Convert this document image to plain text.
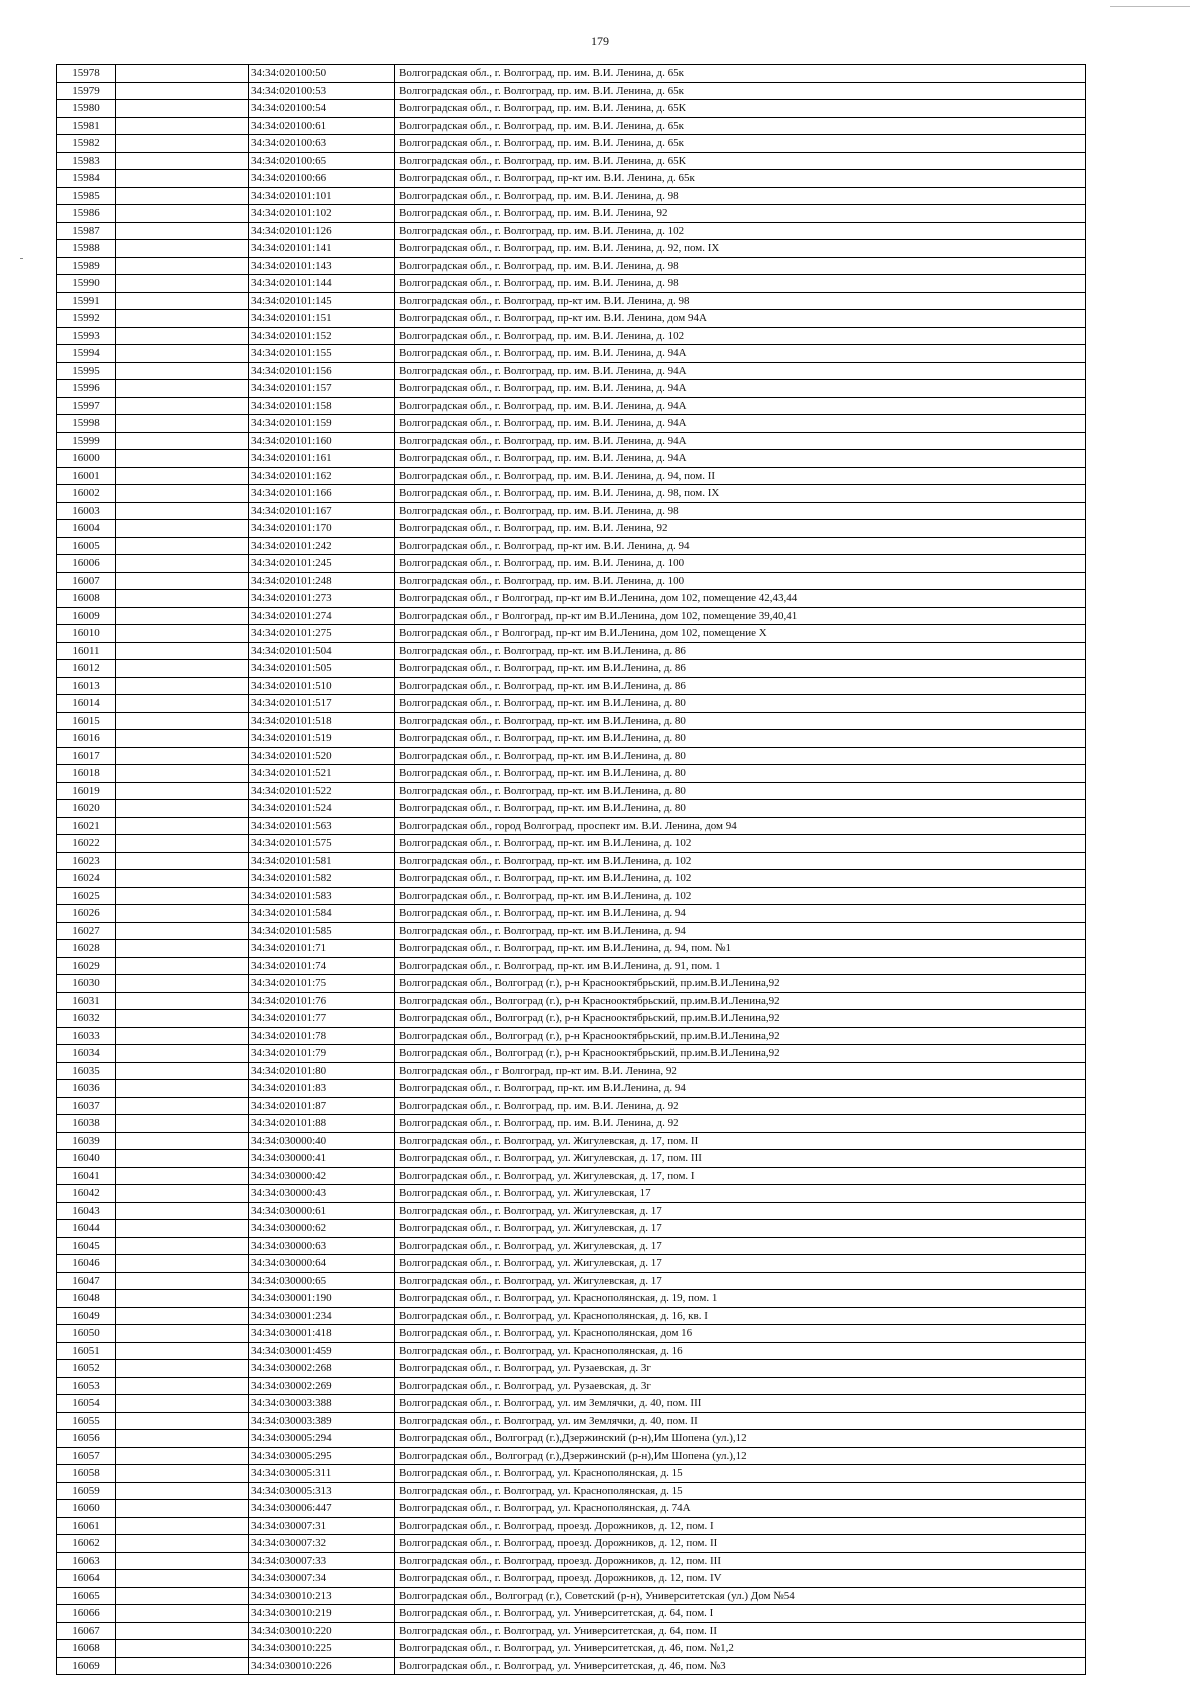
179
15978		34:34:020100:50	Волгоградская обл., г. Волгоград, пр. им. В.И. Ленина, д. 65к
15979		34:34:020100:53	Волгоградская обл., г. Волгоград, пр. им. В.И. Ленина, д. 65к
15980		34:34:020100:54	Волгоградская обл., г. Волгоград, пр. им. В.И. Ленина, д. 65К
15981		34:34:020100:61	Волгоградская обл., г. Волгоград, пр. им. В.И. Ленина, д. 65к
15982		34:34:020100:63	Волгоградская обл., г. Волгоград, пр. им. В.И. Ленина, д. 65к
15983		34:34:020100:65	Волгоградская обл., г. Волгоград, пр. им. В.И. Ленина, д. 65К
15984		34:34:020100:66	Волгоградская обл., г. Волгоград, пр-кт им. В.И. Ленина, д. 65к
15985		34:34:020101:101	Волгоградская обл., г. Волгоград, пр. им. В.И. Ленина, д. 98
15986		34:34:020101:102	Волгоградская обл., г. Волгоград, пр. им. В.И. Ленина, 92
15987		34:34:020101:126	Волгоградская обл., г. Волгоград, пр. им. В.И. Ленина, д. 102
15988		34:34:020101:141	Волгоградская обл., г. Волгоград, пр. им. В.И. Ленина, д. 92, пом. IX
15989		34:34:020101:143	Волгоградская обл., г. Волгоград, пр. им. В.И. Ленина, д. 98
15990		34:34:020101:144	Волгоградская обл., г. Волгоград, пр. им. В.И. Ленина, д. 98
15991		34:34:020101:145	Волгоградская обл., г. Волгоград, пр-кт им. В.И. Ленина, д. 98
15992		34:34:020101:151	Волгоградская обл., г. Волгоград, пр-кт им. В.И. Ленина, дом 94А
15993		34:34:020101:152	Волгоградская обл., г. Волгоград, пр. им. В.И. Ленина, д. 102
15994		34:34:020101:155	Волгоградская обл., г. Волгоград, пр. им. В.И. Ленина, д. 94А
15995		34:34:020101:156	Волгоградская обл., г. Волгоград, пр. им. В.И. Ленина, д. 94А
15996		34:34:020101:157	Волгоградская обл., г. Волгоград, пр. им. В.И. Ленина, д. 94А
15997		34:34:020101:158	Волгоградская обл., г. Волгоград, пр. им. В.И. Ленина, д. 94А
15998		34:34:020101:159	Волгоградская обл., г. Волгоград, пр. им. В.И. Ленина, д. 94А
15999		34:34:020101:160	Волгоградская обл., г. Волгоград, пр. им. В.И. Ленина, д. 94А
16000		34:34:020101:161	Волгоградская обл., г. Волгоград, пр. им. В.И. Ленина, д. 94А
16001		34:34:020101:162	Волгоградская обл., г. Волгоград, пр. им. В.И. Ленина, д. 94, пом. II
16002		34:34:020101:166	Волгоградская обл., г. Волгоград, пр. им. В.И. Ленина, д. 98, пом. IX
16003		34:34:020101:167	Волгоградская обл., г. Волгоград, пр. им. В.И. Ленина, д. 98
16004		34:34:020101:170	Волгоградская обл., г. Волгоград, пр. им. В.И. Ленина, 92
16005		34:34:020101:242	Волгоградская обл., г. Волгоград, пр-кт им. В.И. Ленина, д. 94
16006		34:34:020101:245	Волгоградская обл., г. Волгоград, пр. им. В.И. Ленина, д. 100
16007		34:34:020101:248	Волгоградская обл., г. Волгоград, пр. им. В.И. Ленина, д. 100
16008		34:34:020101:273	Волгоградская обл., г Волгоград, пр-кт им В.И.Ленина, дом 102, помещение 42,43,44
16009		34:34:020101:274	Волгоградская обл., г Волгоград, пр-кт им В.И.Ленина, дом 102, помещение 39,40,41
16010		34:34:020101:275	Волгоградская обл., г Волгоград, пр-кт им В.И.Ленина, дом 102, помещение X
16011		34:34:020101:504	Волгоградская обл., г. Волгоград, пр-кт. им В.И.Ленина, д. 86
16012		34:34:020101:505	Волгоградская обл., г. Волгоград, пр-кт. им В.И.Ленина, д. 86
16013		34:34:020101:510	Волгоградская обл., г. Волгоград, пр-кт. им В.И.Ленина, д. 86
16014		34:34:020101:517	Волгоградская обл., г. Волгоград, пр-кт. им В.И.Ленина, д. 80
16015		34:34:020101:518	Волгоградская обл., г. Волгоград, пр-кт. им В.И.Ленина, д. 80
16016		34:34:020101:519	Волгоградская обл., г. Волгоград, пр-кт. им В.И.Ленина, д. 80
16017		34:34:020101:520	Волгоградская обл., г. Волгоград, пр-кт. им В.И.Ленина, д. 80
16018		34:34:020101:521	Волгоградская обл., г. Волгоград, пр-кт. им В.И.Ленина, д. 80
16019		34:34:020101:522	Волгоградская обл., г. Волгоград, пр-кт. им В.И.Ленина, д. 80
16020		34:34:020101:524	Волгоградская обл., г. Волгоград, пр-кт. им В.И.Ленина, д. 80
16021		34:34:020101:563	Волгоградская обл., город Волгоград, проспект им. В.И. Ленина, дом 94
16022		34:34:020101:575	Волгоградская обл., г. Волгоград, пр-кт. им В.И.Ленина, д. 102
16023		34:34:020101:581	Волгоградская обл., г. Волгоград, пр-кт. им В.И.Ленина, д. 102
16024		34:34:020101:582	Волгоградская обл., г. Волгоград, пр-кт. им В.И.Ленина, д. 102
16025		34:34:020101:583	Волгоградская обл., г. Волгоград, пр-кт. им В.И.Ленина, д. 102
16026		34:34:020101:584	Волгоградская обл., г. Волгоград, пр-кт. им В.И.Ленина, д. 94
16027		34:34:020101:585	Волгоградская обл., г. Волгоград, пр-кт. им В.И.Ленина, д. 94
16028		34:34:020101:71	Волгоградская обл., г. Волгоград, пр-кт. им В.И.Ленина, д. 94, пом. №1
16029		34:34:020101:74	Волгоградская обл., г. Волгоград, пр-кт. им В.И.Ленина, д. 91, пом. 1
16030		34:34:020101:75	Волгоградская обл., Волгоград (г.), р-н Краснооктябрьский, пр.им.В.И.Ленина,92
16031		34:34:020101:76	Волгоградская обл., Волгоград (г.), р-н Краснооктябрьский, пр.им.В.И.Ленина,92
16032		34:34:020101:77	Волгоградская обл., Волгоград (г.), р-н Краснооктябрьский, пр.им.В.И.Ленина,92
16033		34:34:020101:78	Волгоградская обл., Волгоград (г.), р-н Краснооктябрьский, пр.им.В.И.Ленина,92
16034		34:34:020101:79	Волгоградская обл., Волгоград (г.), р-н Краснооктябрьский, пр.им.В.И.Ленина,92
16035		34:34:020101:80	Волгоградская обл., г Волгоград, пр-кт им. В.И. Ленина, 92
16036		34:34:020101:83	Волгоградская обл., г. Волгоград, пр-кт. им В.И.Ленина, д. 94
16037		34:34:020101:87	Волгоградская обл., г. Волгоград, пр. им. В.И. Ленина, д. 92
16038		34:34:020101:88	Волгоградская обл., г. Волгоград, пр. им. В.И. Ленина, д. 92
16039		34:34:030000:40	Волгоградская обл., г. Волгоград, ул. Жигулевская, д. 17, пом. II
16040		34:34:030000:41	Волгоградская обл., г. Волгоград, ул. Жигулевская, д. 17, пом. III
16041		34:34:030000:42	Волгоградская обл., г. Волгоград, ул. Жигулевская, д. 17, пом. I
16042		34:34:030000:43	Волгоградская обл., г. Волгоград, ул. Жигулевская, 17
16043		34:34:030000:61	Волгоградская обл., г. Волгоград, ул. Жигулевская, д. 17
16044		34:34:030000:62	Волгоградская обл., г. Волгоград, ул. Жигулевская, д. 17
16045		34:34:030000:63	Волгоградская обл., г. Волгоград, ул. Жигулевская, д. 17
16046		34:34:030000:64	Волгоградская обл., г. Волгоград, ул. Жигулевская, д. 17
16047		34:34:030000:65	Волгоградская обл., г. Волгоград, ул. Жигулевская, д. 17
16048		34:34:030001:190	Волгоградская обл., г. Волгоград, ул. Краснополянская, д. 19, пом. 1
16049		34:34:030001:234	Волгоградская обл., г. Волгоград, ул. Краснополянская, д. 16, кв. I
16050		34:34:030001:418	Волгоградская обл., г. Волгоград, ул. Краснополянская, дом 16
16051		34:34:030001:459	Волгоградская обл., г. Волгоград, ул. Краснополянская, д. 16
16052		34:34:030002:268	Волгоградская обл., г. Волгоград, ул. Рузаевская, д. 3г
16053		34:34:030002:269	Волгоградская обл., г. Волгоград, ул. Рузаевская, д. 3г
16054		34:34:030003:388	Волгоградская обл., г. Волгоград, ул. им Землячки, д. 40, пом. III
16055		34:34:030003:389	Волгоградская обл., г. Волгоград, ул. им Землячки, д. 40, пом. II
16056		34:34:030005:294	Волгоградская обл., Волгоград (г.),Дзержинский (р-н),Им Шопена (ул.),12
16057		34:34:030005:295	Волгоградская обл., Волгоград (г.),Дзержинский (р-н),Им Шопена (ул.),12
16058		34:34:030005:311	Волгоградская обл., г. Волгоград, ул. Краснополянская, д. 15
16059		34:34:030005:313	Волгоградская обл., г. Волгоград, ул. Краснополянская, д. 15
16060		34:34:030006:447	Волгоградская обл., г. Волгоград, ул. Краснополянская, д. 74А
16061		34:34:030007:31	Волгоградская обл., г. Волгоград, проезд. Дорожников, д. 12, пом. I
16062		34:34:030007:32	Волгоградская обл., г. Волгоград, проезд. Дорожников, д. 12, пом. II
16063		34:34:030007:33	Волгоградская обл., г. Волгоград, проезд. Дорожников, д. 12, пом. III
16064		34:34:030007:34	Волгоградская обл., г. Волгоград, проезд. Дорожников, д. 12, пом. IV
16065		34:34:030010:213	Волгоградская обл., Волгоград (г.), Советский (р-н), Университетская (ул.) Дом №54
16066		34:34:030010:219	Волгоградская обл., г. Волгоград, ул. Университетская, д. 64, пом. I
16067		34:34:030010:220	Волгоградская обл., г. Волгоград, ул. Университетская, д. 64, пом. II
16068		34:34:030010:225	Волгоградская обл., г. Волгоград, ул. Университетская, д. 46, пом. №1,2
16069		34:34:030010:226	Волгоградская обл., г. Волгоград, ул. Университетская, д. 46, пом. №3
